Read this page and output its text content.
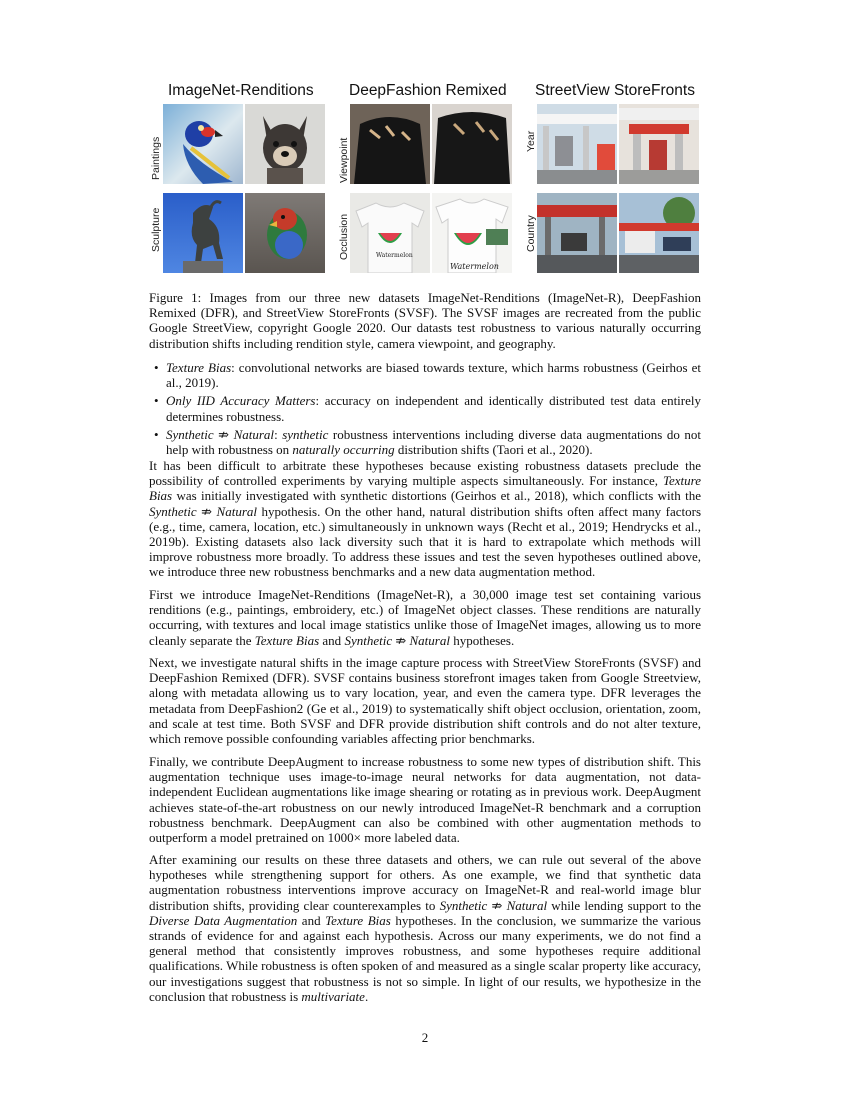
ImageNet-Renditions DeepFashion Remixed StreetView StoreFronts
Paintings
Sculpture
Viewpoint
Occlusion
Year
Country
Watermelon
Watermelon
Figure 1: Images from our three new datasets ImageNet-Renditions (ImageNet-R), DeepFashion Remixed (DFR), and StreetView StoreFronts (SVSF). The SVSF images are recreated from the public Google StreetView, copyright Google 2020. Our datasts test robustness to various naturally occurring distribution shifts including rendition style, camera viewpoint, and geography.
• Texture Bias: convolutional networks are biased towards texture, which harms robustness (Geirhos et al., 2019).
• Only IID Accuracy Matters: accuracy on independent and identically distributed test data entirely determines robustness.
• Synthetic ⇏ Natural: synthetic robustness interventions including diverse data augmentations do not help with robustness on naturally occurring distribution shifts (Taori et al., 2020).

It has been difficult to arbitrate these hypotheses because existing robustness datasets preclude the possibility of controlled experiments by varying multiple aspects simultaneously. For instance, Texture Bias was initially investigated with synthetic distortions (Geirhos et al., 2018), which conflicts with the Synthetic ⇏ Natural hypothesis. On the other hand, natural distribution shifts often affect many factors (e.g., time, camera, location, etc.) simultaneously in unknown ways (Recht et al., 2019; Hendrycks et al., 2019b). Existing datasets also lack diversity such that it is hard to extrapolate which methods will improve robustness more broadly. To address these issues and test the seven hypotheses outlined above, we introduce three new robustness benchmarks and a new data augmentation method.

First we introduce ImageNet-Renditions (ImageNet-R), a 30,000 image test set containing various renditions (e.g., paintings, embroidery, etc.) of ImageNet object classes. These renditions are naturally occurring, with textures and local image statistics unlike those of ImageNet images, allowing us to more cleanly separate the Texture Bias and Synthetic ⇏ Natural hypotheses.

Next, we investigate natural shifts in the image capture process with StreetView StoreFronts (SVSF) and DeepFashion Remixed (DFR). SVSF contains business storefront images taken from Google Streetview, along with metadata allowing us to vary location, year, and even the camera type. DFR leverages the metadata from DeepFashion2 (Ge et al., 2019) to systematically shift object occlusion, orientation, zoom, and scale at test time. Both SVSF and DFR provide distribution shift controls and do not alter texture, which remove possible confounding variables affecting prior benchmarks.

Finally, we contribute DeepAugment to increase robustness to some new types of distribution shift. This augmentation technique uses image-to-image neural networks for data augmentation, not data-independent Euclidean augmentations like image shearing or rotating as in previous work. DeepAugment achieves state-of-the-art robustness on our newly introduced ImageNet-R benchmark and a corruption robustness benchmark. DeepAugment can also be combined with other augmentation methods to outperform a model pretrained on 1000× more labeled data.

After examining our results on these three datasets and others, we can rule out several of the above hypotheses while strengthening support for others. As one example, we find that synthetic data augmentation robustness interventions improve accuracy on ImageNet-R and real-world image blur distribution shifts, providing clear counterexamples to Synthetic ⇏ Natural while lending support to the Diverse Data Augmentation and Texture Bias hypotheses. In the conclusion, we summarize the various strands of evidence for and against each hypothesis. Across our many experiments, we do not find a general method that consistently improves robustness, and some hypotheses require additional qualifications. While robustness is often spoken of and measured as a single scalar property like accuracy, our investigations suggest that robustness is not so simple. In light of our results, we hypothesize in the conclusion that robustness is multivariate.

2
